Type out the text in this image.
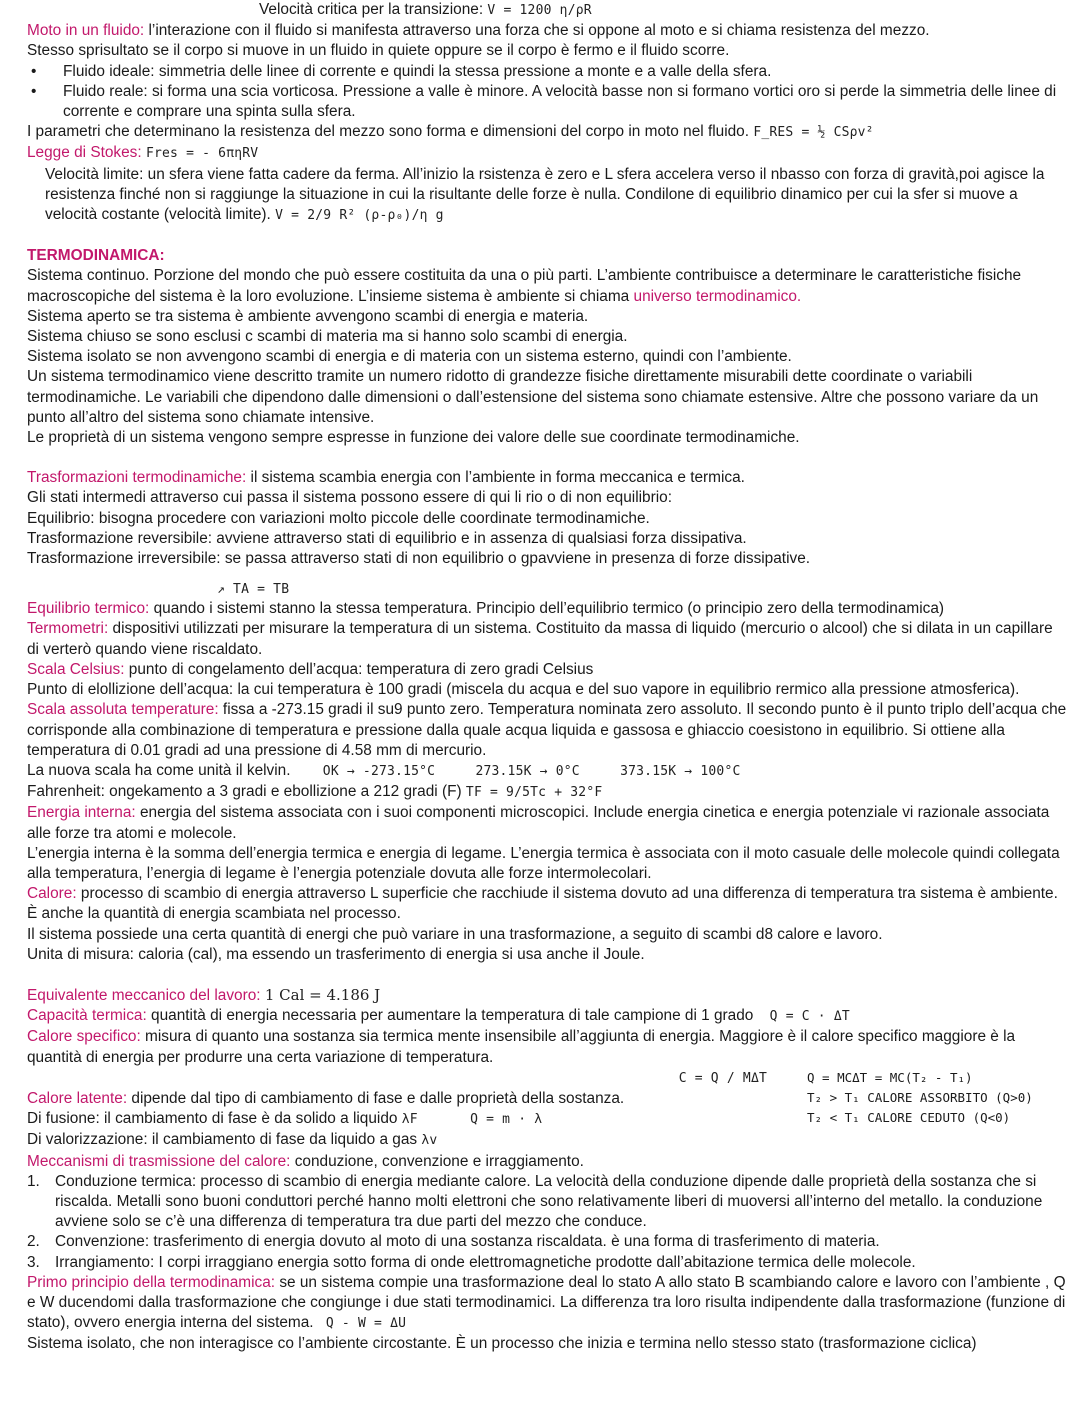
Velocità critica per la transizione: V = 1200 η/ρR

Moto in un fluido: l’interazione con il fluido si manifesta attraverso una forza che si oppone al moto e si chiama resistenza del mezzo.

Stesso sprisultato se il corpo si muove in un fluido in quiete oppure se il corpo è fermo e il fluido scorre.

•	Fluido ideale: simmetria delle linee di corrente e quindi la stessa pressione a monte e a valle della sfera.
•	Fluido reale: si forma una scia vorticosa. Pressione a valle è minore. A velocità basse non si formano vortici oro si perde la simmetria delle linee di corrente e comprare una spinta sulla sfera.

I parametri che determinano la resistenza del mezzo sono forma e dimensioni del corpo in moto nel fluido. F_RES = ½ CSρv²

Legge di Stokes: Fres = - 6πηRV

Velocità limite: un sfera viene fatta cadere da ferma. All’inizio la rsistenza è zero e L sfera accelera verso il nbasso con forza di gravità,poi agisce la resistenza finché non si raggiunge la situazione in cui la risultante delle forze è nulla. Condilone di equilibrio dinamico per cui la sfer si muove a velocità costante (velocità limite). V = 2/9 R² (ρ-ρ₀)/η g

TERMODINAMICA:

Sistema continuo. Porzione del mondo che può essere costituita da una o più parti. L’ambiente contribuisce a determinare le caratteristiche fisiche macroscopiche del sistema è la loro evoluzione. L’insieme sistema è ambiente si chiama universo termodinamico.

Sistema aperto se tra sistema è ambiente avvengono scambi di energia e materia.

Sistema chiuso se sono esclusi c scambi di materia ma si hanno solo scambi di energia.

Sistema isolato se non avvengono scambi di energia e di materia con un sistema esterno, quindi con l’ambiente.

Un sistema termodinamico viene descritto tramite un numero ridotto di grandezze fisiche direttamente misurabili dette coordinate o variabili termodinamiche. Le variabili che dipendono dalle dimensioni o dall’estensione del sistema sono chiamate estensive. Altre che possono variare da un punto all’altro del sistema sono chiamate intensive.

Le proprietà di un sistema vengono sempre espresse in funzione dei valore delle sue coordinate termodinamiche.

Trasformazioni termodinamiche: il sistema scambia energia con l’ambiente in forma meccanica e termica.

Gli stati intermedi attraverso cui passa il sistema possono essere di qui li rio o di non equilibrio:

Equilibrio: bisogna procedere con variazioni molto piccole delle coordinate termodinamiche.

Trasformazione reversibile: avviene attraverso stati di equilibrio e in assenza di qualsiasi forza dissipativa.

Trasformazione irreversibile: se passa attraverso stati di non equilibrio o gpavviene in presenza di forze dissipative.

↗ TA = TB

Equilibrio termico: quando i sistemi stanno la stessa temperatura. Principio dell’equilibrio termico (o principio zero della termodinamica)

Termometri: dispositivi utilizzati per misurare la temperatura di un sistema. Costituito da massa di liquido (mercurio o alcool) che si dilata in un capillare di verterò quando viene riscaldato.

Scala Celsius: punto di congelamento dell’acqua: temperatura di zero gradi Celsius

Punto di elollizione dell’acqua: la cui temperatura è 100 gradi (miscela du acqua e del suo vapore in equilibrio rermico alla pressione atmosferica).

Scala assoluta temperature: fissa a -273.15 gradi il su9 punto zero. Temperatura nominata zero assoluto. Il secondo punto è il punto triplo dell’acqua che corrisponde alla combinazione di temperatura e pressione dalla quale acqua liquida e gassosa e ghiaccio coesistono in equilibrio. Si ottiene alla temperatura di 0.01 gradi ad una pressione di 4.58 mm di mercurio.

La nuova scala ha come unità il kelvin. OK → -273.15°C	273.15K → 0°C	373.15K → 100°C

Fahrenheit: ongekamento a 3 gradi e ebollizione a 212 gradi (F) TF = 9/5Tc + 32°F

Energia interna: energia del sistema associata con i suoi componenti microscopici. Include energia cinetica e energia potenziale vi razionale associata alle forze tra atomi e molecole.

L’energia interna è la somma dell’energia termica e energia di legame. L’energia termica è associata con il moto casuale delle molecole quindi collegata alla temperatura, l’energia di legame è l’energia potenziale dovuta alle forze intermolecolari.

Calore: processo di scambio di energia attraverso L superficie che racchiude il sistema dovuto ad una differenza di temperatura tra sistema è ambiente. È anche la quantità di energia scambiata nel processo.

Il sistema possiede una certa quantità di energi che può variare in una trasformazione, a seguito di scambi d8 calore e lavoro.

Unita di misura: caloria (cal), ma essendo un trasferimento di energia si usa anche il Joule.

Equivalente meccanico del lavoro: 1 Cal = 4.186 J

Capacità termica: quantità di energia necessaria per aumentare la temperatura di tale campione di 1 grado Q = C · ΔT

Calore specifico: misura di quanto una sostanza sia termica mente insensibile all’aggiunta di energia. Maggiore è il calore specifico maggiore è la quantità di energia per produrre una certa variazione di temperatura.

C = Q / MΔT

Calore latente: dipende dal tipo di cambiamento di fase e dalle proprietà della sostanza.

Di fusione: il cambiamento di fase è da solido a liquido λF	Q = m · λ

Di valorizzazione: il cambiamento di fase da liquido a gas λv

Q = MCΔT = MC(T₂ - T₁)

T₂ > T₁ CALORE ASSORBITO (Q>0)

T₂ < T₁ CALORE CEDUTO (Q<0)

Meccanismi di trasmissione del calore: conduzione, convenzione e irraggiamento.

1. Conduzione termica: processo di scambio di energia mediante calore. La velocità della conduzione dipende dalle proprietà della sostanza che si riscalda. Metalli sono buoni conduttori perché hanno molti elettroni che sono relativamente liberi di muoversi all’interno del metallo. la conduzione avviene solo se c’è una differenza di temperatura tra due parti del mezzo che conduce.
2. Convenzione: trasferimento di energia dovuto al moto di una sostanza riscaldata. è una forma di trasferimento di materia.
3. Irrangiamento: I corpi irraggiano energia sotto forma di onde elettromagnetiche prodotte dall’abitazione termica delle molecole.

Primo principio della termodinamica: se un sistema compie una trasformazione deal lo stato A allo stato B scambiando calore e lavoro con l’ambiente , Q e W ducendomi dalla trasformazione che congiunge i due stati termodinamici. La differenza tra loro risulta indipendente dalla trasformazione (funzione di stato), ovvero energia interna del sistema. Q - W = ΔU

Sistema isolato, che non interagisce co l’ambiente circostante. È un processo che inizia e termina nello stesso stato (trasformazione ciclica)
